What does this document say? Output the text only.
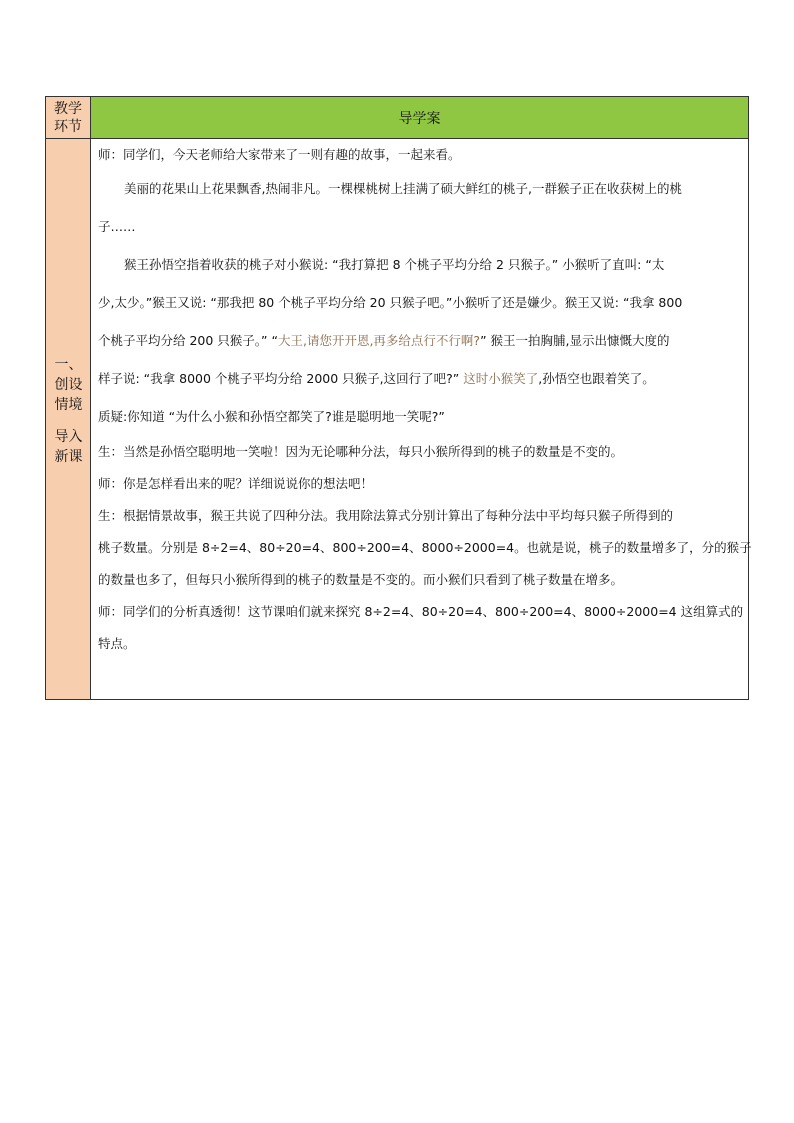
教学
环节	导学案
一、
创设
情境
导入
新课

师：同学们，今天老师给大家带来了一则有趣的故事，一起来看。

美丽的花果山上花果飘香,热闹非凡。一棵棵桃树上挂满了硕大鲜红的桃子,一群猴子正在收获树上的桃

子……

猴王孙悟空指着收获的桃子对小猴说: “我打算把 8 个桃子平均分给 2 只猴子。” 小猴听了直叫: “太

少,太少。”猴王又说: “那我把 80 个桃子平均分给 20 只猴子吧。”小猴听了还是嫌少。猴王又说: “我拿 800

个桃子平均分给 200 只猴子。” “大王,请您开开恩,再多给点行不行啊?” 猴王一拍胸脯,显示出慷慨大度的

样子说: “我拿 8000 个桃子平均分给 2000 只猴子,这回行了吧?” 这时小猴笑了,孙悟空也跟着笑了。

质疑:你知道 “为什么小猴和孙悟空都笑了?谁是聪明地一笑呢?”

生：当然是孙悟空聪明地一笑啦！因为无论哪种分法，每只小猴所得到的桃子的数量是不变的。

师：你是怎样看出来的呢？详细说说你的想法吧！

生：根据情景故事，猴王共说了四种分法。我用除法算式分别计算出了每种分法中平均每只猴子所得到的

桃子数量。分别是 8÷2=4、80÷20=4、800÷200=4、8000÷2000=4。也就是说，桃子的数量增多了，分的猴子

的数量也多了，但每只小猴所得到的桃子的数量是不变的。而小猴们只看到了桃子数量在增多。

师：同学们的分析真透彻！这节课咱们就来探究 8÷2=4、80÷20=4、800÷200=4、8000÷2000=4 这组算式的

特点。
